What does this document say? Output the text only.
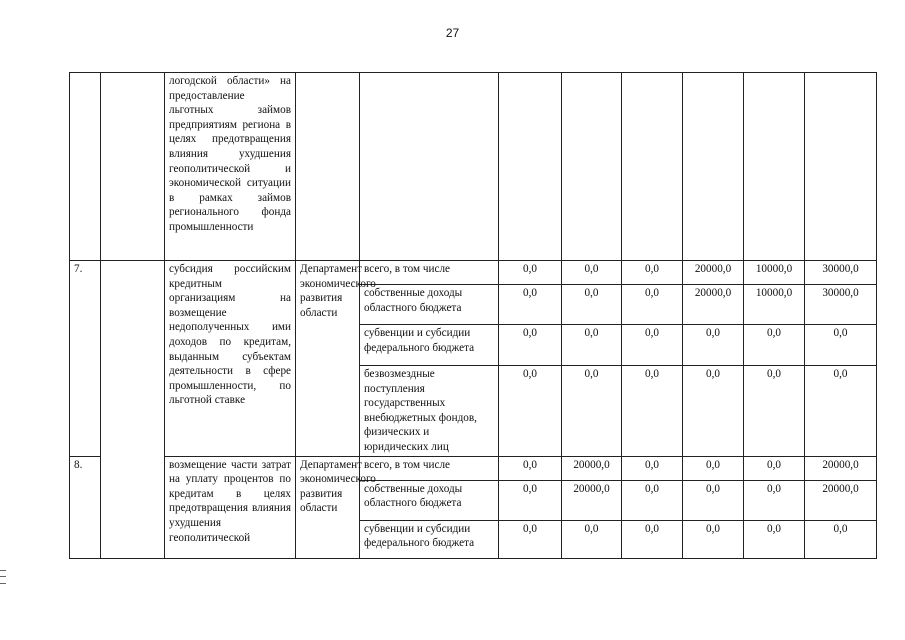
27
		логодской области» на предоставление льготных займов предприятиям региона в целях предотвращения влияния ухудшения геополитической и экономической ситуации в рамках займов регионального фонда промышленности								
7.		субсидия российским кредитным организациям на возмещение недополученных ими доходов по кредитам, выданным субъектам деятельности в сфере промышленности, по льготной ставке	Департамент экономического развития области	всего, в том числе	0,0	0,0	0,0	20000,0	10000,0	30000,0
				собственные доходы областного бюджета	0,0	0,0	0,0	20000,0	10000,0	30000,0
				субвенции и субсидии федерального бюджета	0,0	0,0	0,0	0,0	0,0	0,0
				безвозмездные поступления государственных внебюджетных фондов, физических и юридических лиц	0,0	0,0	0,0	0,0	0,0	0,0
8.		возмещение части затрат на уплату процентов по кредитам в целях предотвращения влияния ухудшения геополитической	Департамент экономического развития области	всего, в том числе	0,0	20000,0	0,0	0,0	0,0	20000,0
				собственные доходы областного бюджета	0,0	20000,0	0,0	0,0	0,0	20000,0
				субвенции и субсидии федерального бюджета	0,0	0,0	0,0	0,0	0,0	0,0
